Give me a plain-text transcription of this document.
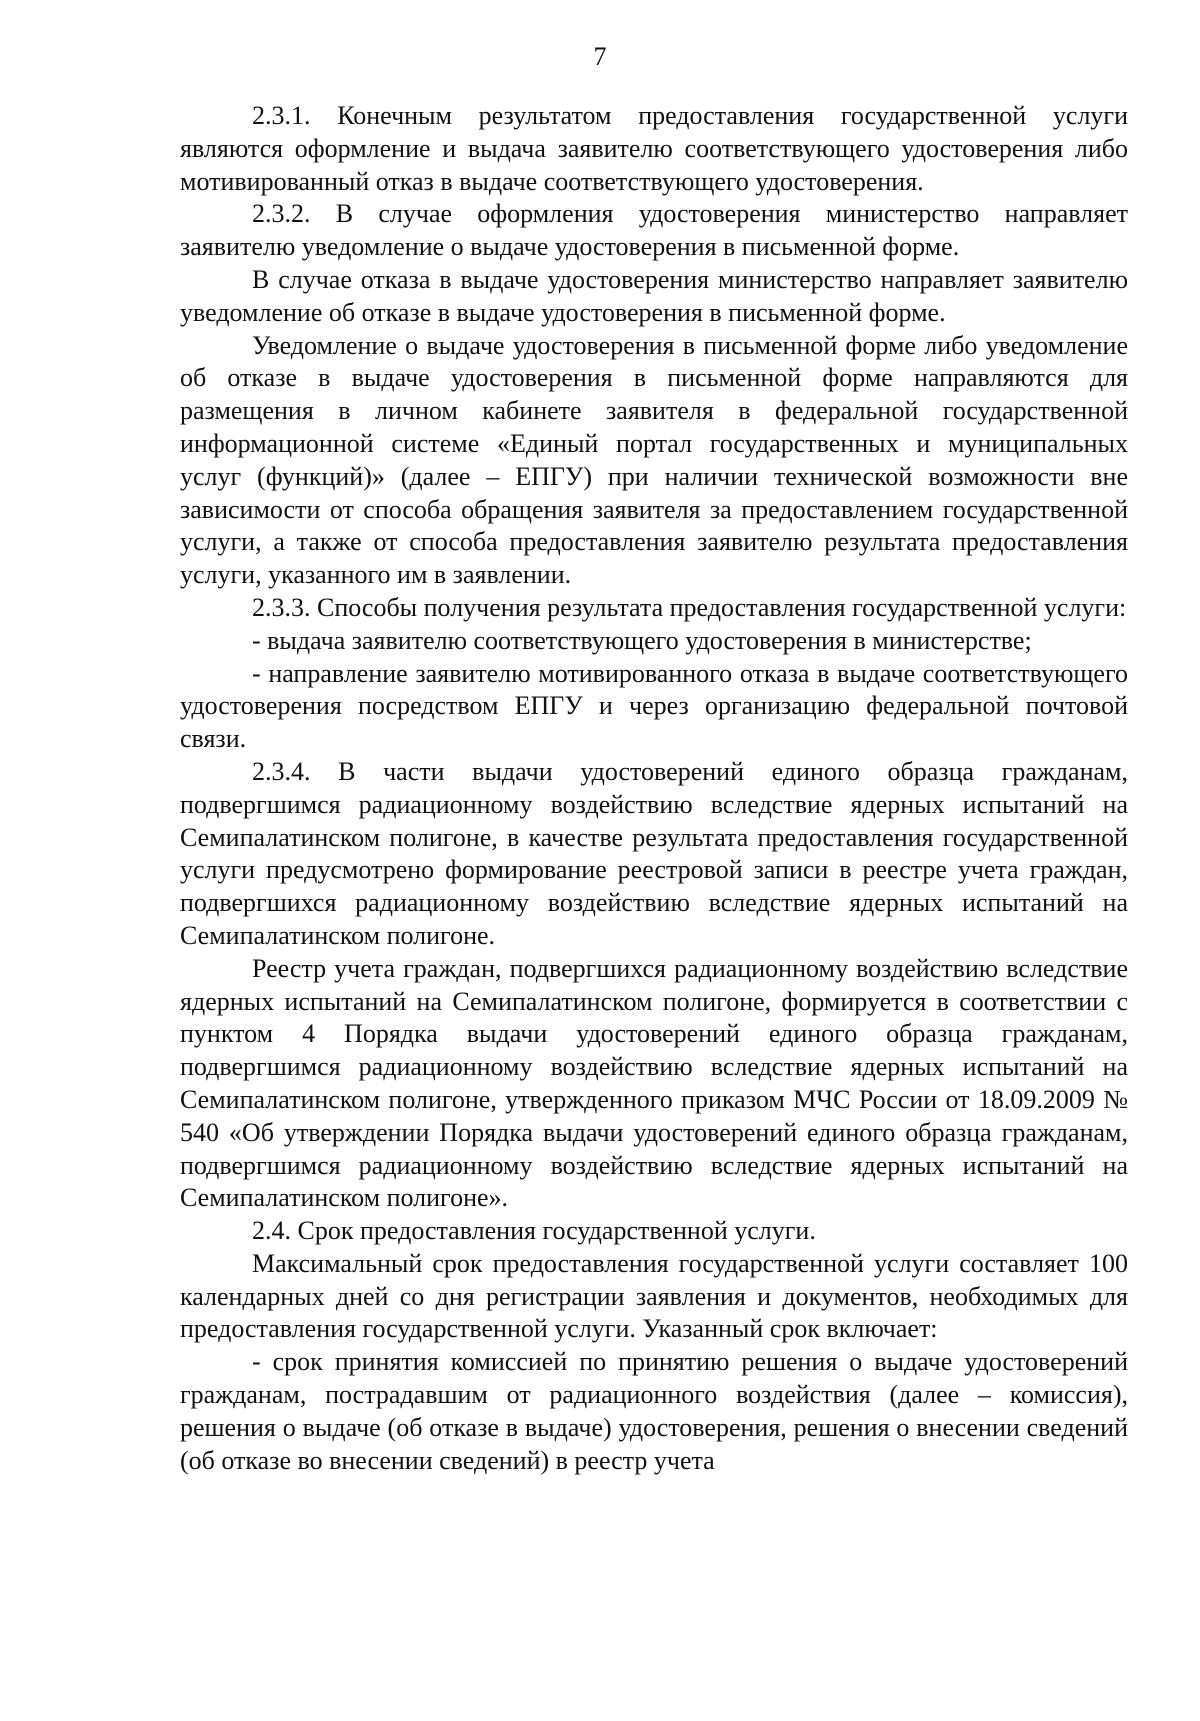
7

2.3.1. Конечным результатом предоставления государственной услуги являются оформление и выдача заявителю соответствующего удостоверения либо мотивированный отказ в выдаче соответствующего удостоверения.

2.3.2. В случае оформления удостоверения министерство направляет заявителю уведомление о выдаче удостоверения в письменной форме.

В случае отказа в выдаче удостоверения министерство направляет заявителю уведомление об отказе в выдаче удостоверения в письменной форме.

Уведомление о выдаче удостоверения в письменной форме либо уведомление об отказе в выдаче удостоверения в письменной форме направляются для размещения в личном кабинете заявителя в федеральной государственной информационной системе «Единый портал государственных и муниципальных услуг (функций)» (далее – ЕПГУ) при наличии технической возможности вне зависимости от способа обращения заявителя за предоставлением государственной услуги, а также от способа предоставления заявителю результата предоставления услуги, указанного им в заявлении.

2.3.3. Способы получения результата предоставления государственной услуги:

- выдача заявителю соответствующего удостоверения в министерстве;

- направление заявителю мотивированного отказа в выдаче соответствующего удостоверения посредством ЕПГУ и через организацию федеральной почтовой связи.

2.3.4. В части выдачи удостоверений единого образца гражданам, подвергшимся радиационному воздействию вследствие ядерных испытаний на Семипалатинском полигоне, в качестве результата предоставления государственной услуги предусмотрено формирование реестровой записи в реестре учета граждан, подвергшихся радиационному воздействию вследствие ядерных испытаний на Семипалатинском полигоне.

Реестр учета граждан, подвергшихся радиационному воздействию вследствие ядерных испытаний на Семипалатинском полигоне, формируется в соответствии с пунктом 4 Порядка выдачи удостоверений единого образца гражданам, подвергшимся радиационному воздействию вследствие ядерных испытаний на Семипалатинском полигоне, утвержденного приказом МЧС России от 18.09.2009 № 540 «Об утверждении Порядка выдачи удостоверений единого образца гражданам, подвергшимся радиационному воздействию вследствие ядерных испытаний на Семипалатинском полигоне».

2.4. Срок предоставления государственной услуги.

Максимальный срок предоставления государственной услуги составляет 100 календарных дней со дня регистрации заявления и документов, необходимых для предоставления государственной услуги. Указанный срок включает:

- срок принятия комиссией по принятию решения о выдаче удостоверений гражданам, пострадавшим от радиационного воздействия (далее – комиссия), решения о выдаче (об отказе в выдаче) удостоверения, решения о внесении сведений (об отказе во внесении сведений) в реестр учета
